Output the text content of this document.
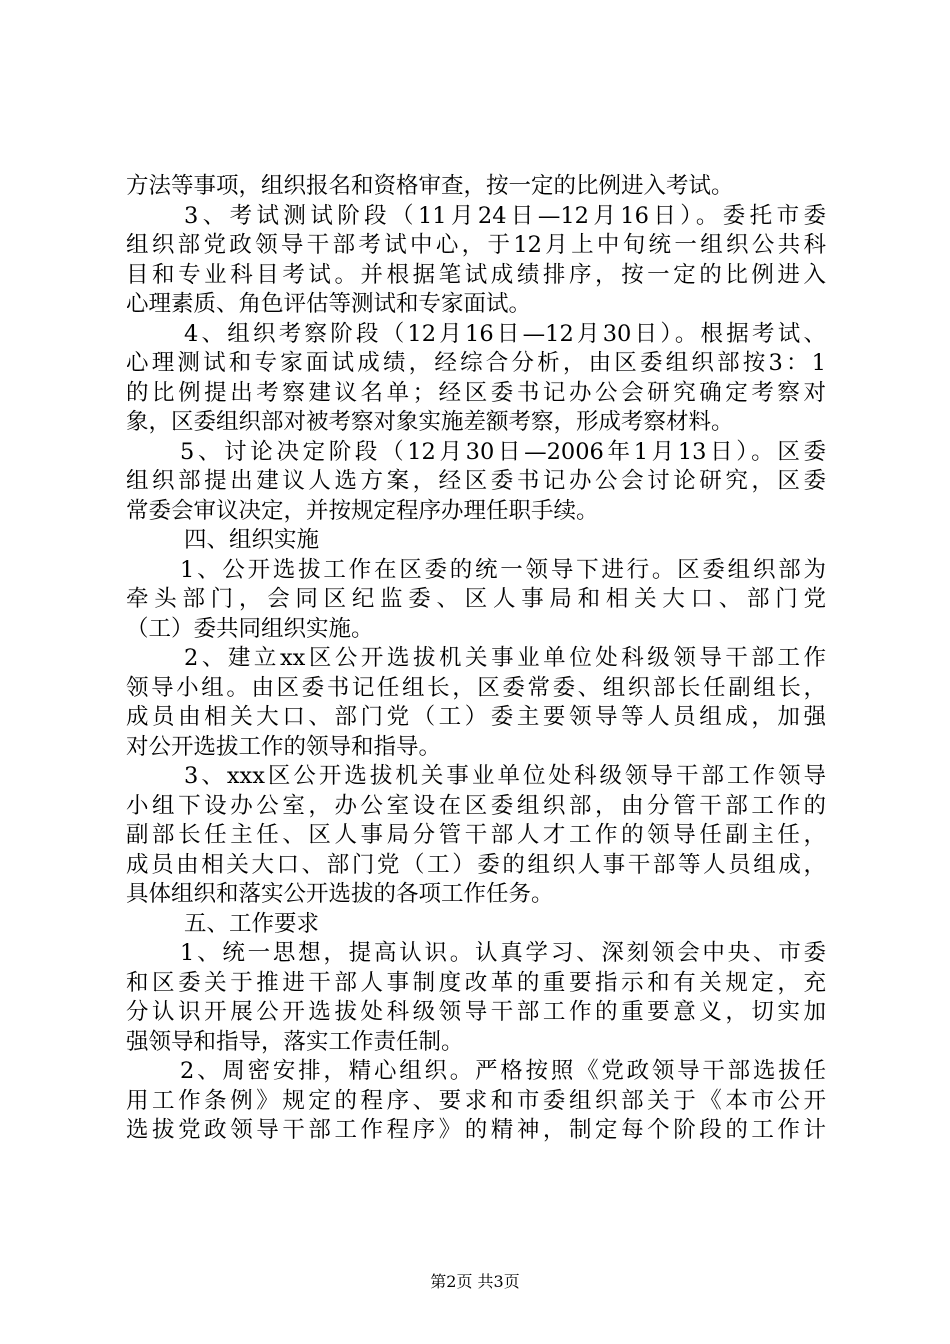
方法等事项，组织报名和资格审查，按一定的比例进入考试。
3、考试测试阶段（11月24日—12月16日）。委托市委
组织部党政领导干部考试中心，于12月上中旬统一组织公共科
目和专业科目考试。并根据笔试成绩排序，按一定的比例进入
心理素质、角色评估等测试和专家面试。
4、组织考察阶段（12月16日—12月30日）。根据考试、
心理测试和专家面试成绩，经综合分析，由区委组织部按3：1
的比例提出考察建议名单；经区委书记办公会研究确定考察对
象，区委组织部对被考察对象实施差额考察，形成考察材料。
5、讨论决定阶段（12月30日—2006年1月13日）。区委
组织部提出建议人选方案，经区委书记办公会讨论研究，区委
常委会审议决定，并按规定程序办理任职手续。
四、组织实施
1、公开选拔工作在区委的统一领导下进行。区委组织部为
牵头部门，会同区纪监委、区人事局和相关大口、部门党
（工）委共同组织实施。
2、建立xx区公开选拔机关事业单位处科级领导干部工作
领导小组。由区委书记任组长，区委常委、组织部长任副组长，
成员由相关大口、部门党（工）委主要领导等人员组成，加强
对公开选拔工作的领导和指导。
3、xxx区公开选拔机关事业单位处科级领导干部工作领导
小组下设办公室，办公室设在区委组织部，由分管干部工作的
副部长任主任、区人事局分管干部人才工作的领导任副主任，
成员由相关大口、部门党（工）委的组织人事干部等人员组成，
具体组织和落实公开选拔的各项工作任务。
五、工作要求
1、统一思想，提高认识。认真学习、深刻领会中央、市委
和区委关于推进干部人事制度改革的重要指示和有关规定，充
分认识开展公开选拔处科级领导干部工作的重要意义，切实加
强领导和指导，落实工作责任制。
2、周密安排，精心组织。严格按照《党政领导干部选拔任
用工作条例》规定的程序、要求和市委组织部关于《本市公开
选拔党政领导干部工作程序》的精神，制定每个阶段的工作计
第2页 共3页
